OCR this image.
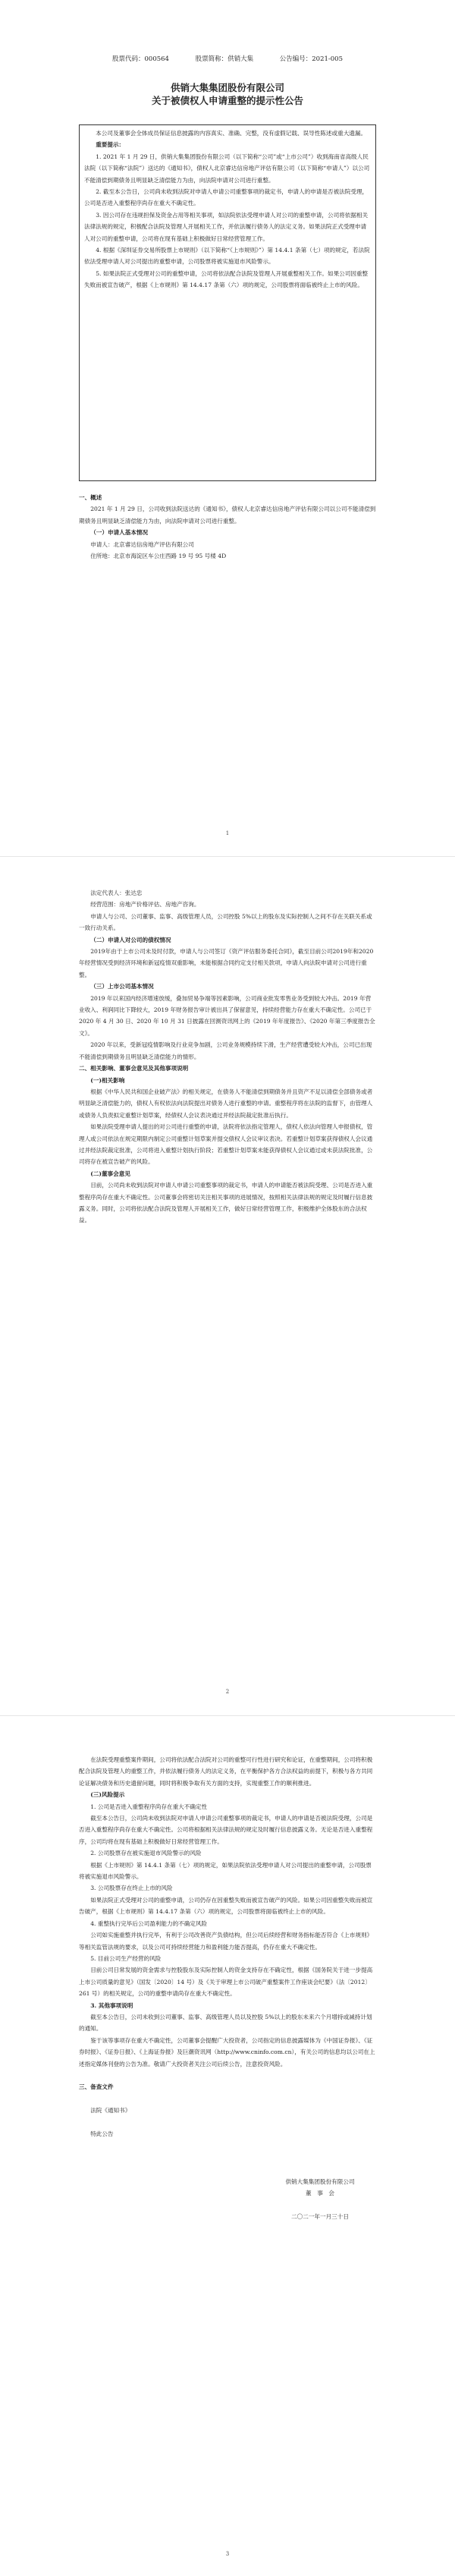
股票代码：000564	股票简称：供销大集	公告编号：2021-005
供销大集集团股份有限公司
关于被债权人申请重整的提示性公告

本公司及董事会全体成员保证信息披露的内容真实、准确、完整，没有虚假记载、误导性陈述或重大遗漏。

重要提示：

1. 2021 年 1 月 29 日，供销大集集团股份有限公司（以下简称“公司”或“上市公司”）收到海南省高级人民法院（以下简称“法院”）送达的《通知书》，债权人北京睿达信房地产评估有限公司（以下简称“申请人”）以公司不能清偿到期债务且明显缺乏清偿能力为由，向法院申请对公司进行重整。

2. 截至本公告日，公司尚未收到法院对申请人申请公司重整事项的裁定书，申请人的申请是否被法院受理，公司是否进入重整程序尚存在重大不确定性。

3. 因公司存在违规担保及资金占用等相关事项，如法院依法受理申请人对公司的重整申请，公司将依据相关法律法规的规定，积极配合法院及管理人开展相关工作，并依法履行债务人的法定义务。如果法院正式受理申请人对公司的重整申请，公司将在现有基础上积极做好日常经营管理工作。

4. 根据《深圳证券交易所股票上市规则》（以下简称“《上市规则》”）第 14.4.1 条第（七）项的规定，若法院依法受理申请人对公司提出的重整申请，公司股票将被实施退市风险警示。

5. 如果法院正式受理对公司的重整申请，公司将依法配合法院及管理人开展重整相关工作。如果公司因重整失败而被宣告破产，根据《上市规则》第 14.4.17 条第（六）项的规定，公司股票将面临被终止上市的风险。

一、概述

2021 年 1 月 29 日，公司收到法院送达的《通知书》，债权人北京睿达信房地产评估有限公司以公司不能清偿到期债务且明显缺乏清偿能力为由，向法院申请对公司进行重整。

（一）申请人基本情况

申请人：北京睿达信房地产评估有限公司

住所地：北京市海淀区车公庄西路 19 号 95 号楼 4D

1

法定代表人：张达忠

经营范围：房地产价格评估、房地产咨询。

申请人与公司、公司董事、监事、高级管理人员，公司控股 5%以上的股东及实际控制人之间不存在关联关系或一致行动关系。

（二）申请人对公司的债权情况

2019年由于上市公司未及时付款，申请人与公司签订《资产评估服务委托合同》，截至目前公司2019年和2020年经营情况受到经济环境和新冠疫情双重影响，未能根据合同约定支付相关款项，申请人向法院申请对公司进行重整。

（三）上市公司基本情况

2019 年以来国内经济增速放缓，叠加贸易争端等因素影响，公司商业批发零售业务受到较大冲击。2019 年营业收入、利润同比下降较大，2019 年财务报告审计被出具了保留意见，持续经营能力存在重大不确定性。公司已于 2020 年 4 月 30 日、2020 年 10 月 31 日披露在回测资讯网上的《2019 年年度报告》、《2020 年第三季度报告全文》。

2020 年以来，受新冠疫情影响及行业竞争加剧，公司业务规模持续下滑，生产经营遭受较大冲击，公司已出现不能清偿到期债务且明显缺乏清偿能力的情形。

二、相关影响、董事会意见及其他事项说明

(一)相关影响

根据《中华人民共和国企业破产法》的相关规定，在债务人不能清偿到期债务并且资产不足以清偿全部债务或者明显缺乏清偿能力的，债权人有权依法向法院提出对债务人进行重整的申请。重整程序将在法院的监督下，由管理人或债务人负责拟定重整计划草案，经债权人会议表决通过并经法院裁定批准后执行。

如果法院受理申请人提出的对公司进行重整的申请，法院将依法指定管理人，债权人依法向管理人申报债权，管理人或公司依法在规定期限内制定公司重整计划草案并提交债权人会议审议表决。若重整计划草案获得债权人会议通过并经法院裁定批准，公司将进入重整计划执行阶段；若重整计划草案未能获得债权人会议通过或未获法院批准，公司将存在被宣告破产的风险。

(二)董事会意见

目前，公司尚未收到法院对申请人申请公司重整事项的裁定书，申请人的申请能否被法院受理、公司是否进入重整程序尚存在重大不确定性。公司董事会将密切关注相关事项的进展情况，按照相关法律法规的规定及时履行信息披露义务。同时，公司将依法配合法院及管理人开展相关工作，做好日常经营管理工作，积极维护全体股东的合法权益。

2

在法院受理重整案件期间，公司将依法配合法院对公司的重整可行性进行研究和论证，在重整期间，公司将积极配合法院及管理人的重整工作，并依法履行债务人的法定义务，在平衡保护各方合法权益的前提下，积极与各方共同论证解决债务和历史遗留问题，同时将积极争取有关方面的支持，实现重整工作的顺利推进。

(三)风险提示

1. 公司是否进入重整程序尚存在重大不确定性

截至本公告日，公司尚未收到法院对申请人申请公司重整事项的裁定书，申请人的申请是否被法院受理，公司是否进入重整程序尚存在重大不确定性。公司将根据相关法律法规的规定及时履行信息披露义务。无论是否进入重整程序，公司均将在现有基础上积极做好日常经营管理工作。

2. 公司股票存在被实施退市风险警示的风险

根据《上市规则》第 14.4.1 条第（七）项的规定，如果法院依法受理申请人对公司提出的重整申请，公司股票将被实施退市风险警示。

3. 公司股票存在终止上市的风险

如果法院正式受理对公司的重整申请，公司仍存在因重整失败而被宣告破产的风险。如果公司因重整失败而被宣告破产，根据《上市规则》第 14.4.17 条第（六）项的规定，公司股票将面临被终止上市的风险。

4. 重整执行完毕后公司盈利能力的不确定风险

公司如实施重整并执行完毕，有利于公司改善资产负债结构，但公司后续经营和财务指标能否符合《上市规则》等相关监管法规的要求，以及公司可持续经营能力和盈利能力能否提高，仍存在重大不确定性。

5. 目前公司生产经营的风险

目前公司日常发展的资金需求与控股股东及实际控制人的资金支持存在不确定性，根据《国务院关于进一步提高上市公司质量的意见》（国发〔2020〕14 号）及《关于审理上市公司破产重整案件工作座谈会纪要》（法〔2012〕261 号）的相关规定，公司的重整申请尚存在重大不确定性。

3. 其他事项说明

截至本公告日，公司未收到公司董事、监事、高级管理人员以及控股 5%以上的股东未来六个月增持或减持计划的通知。

鉴于该等事项存在重大不确定性，公司董事会提醒广大投资者，公司指定的信息披露媒体为《中国证券报》、《证券时报》、《证券日报》、《上海证券报》及巨潮资讯网（http://www.cninfo.com.cn），有关公司的信息均以公司在上述指定媒体刊登的公告为准。敬请广大投资者关注公司后续公告，注意投资风险。

三、备查文件

法院《通知书》

特此公告

供销大集集团股份有限公司
董　事　会
二〇二一年一月三十日
3
